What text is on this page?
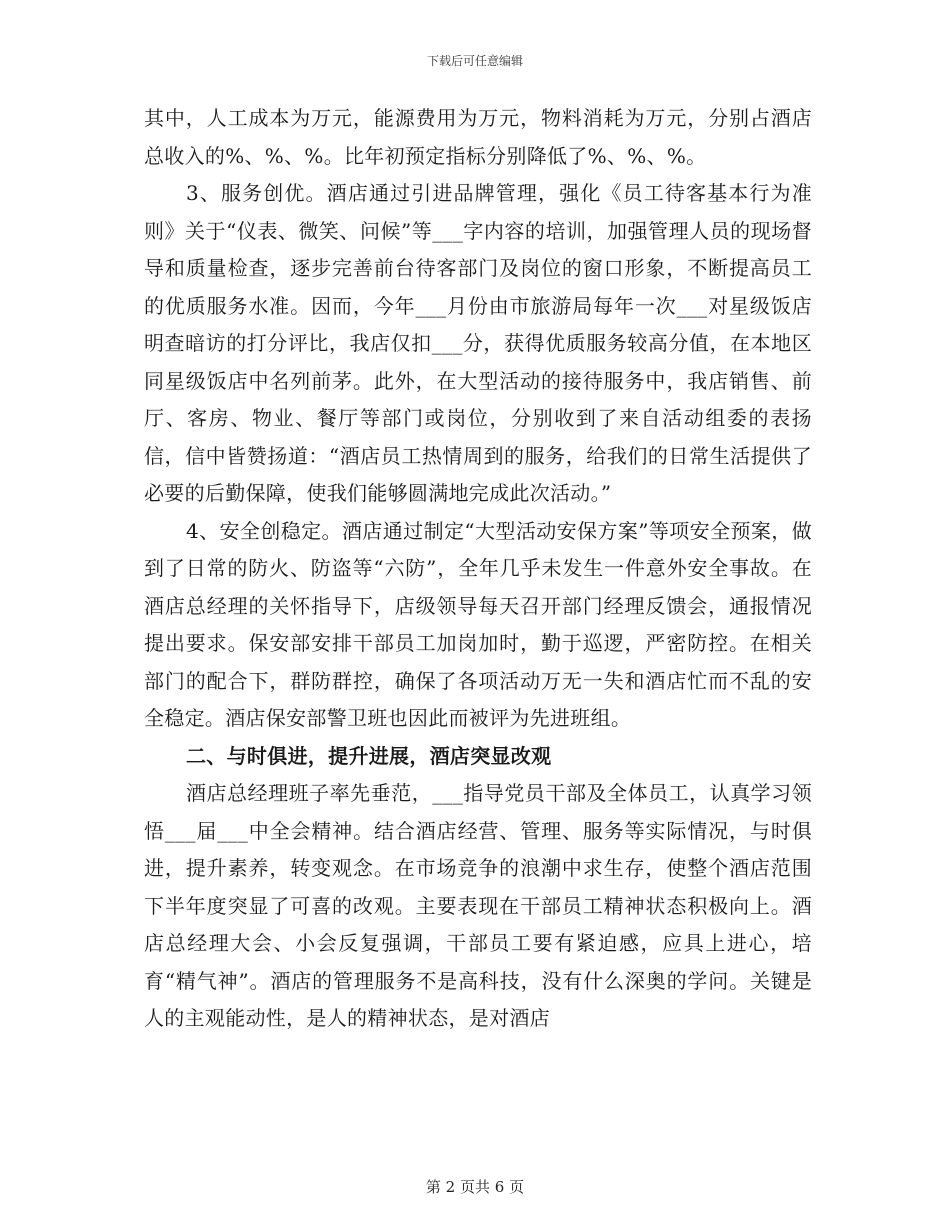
下载后可任意编辑

其中，人工成本为万元，能源费用为万元，物料消耗为万元，分别占酒店总收入的%、%、%。比年初预定指标分别降低了%、%、%。

3、服务创优。酒店通过引进品牌管理，强化《员工待客基本行为准则》关于“仪表、微笑、问候”等___字内容的培训，加强管理人员的现场督导和质量检查，逐步完善前台待客部门及岗位的窗口形象，不断提高员工的优质服务水准。因而，今年___月份由市旅游局每年一次___对星级饭店明查暗访的打分评比，我店仅扣___分，获得优质服务较高分值，在本地区同星级饭店中名列前茅。此外，在大型活动的接待服务中，我店销售、前厅、客房、物业、餐厅等部门或岗位，分别收到了来自活动组委的表扬信，信中皆赞扬道：“酒店员工热情周到的服务，给我们的日常生活提供了必要的后勤保障，使我们能够圆满地完成此次活动。”

4、安全创稳定。酒店通过制定“大型活动安保方案”等项安全预案，做到了日常的防火、防盗等“六防”，全年几乎未发生一件意外安全事故。在酒店总经理的关怀指导下，店级领导每天召开部门经理反馈会，通报情况提出要求。保安部安排干部员工加岗加时，勤于巡逻，严密防控。在相关部门的配合下，群防群控，确保了各项活动万无一失和酒店忙而不乱的安全稳定。酒店保安部警卫班也因此而被评为先进班组。

二、与时俱进，提升进展，酒店突显改观

酒店总经理班子率先垂范，___指导党员干部及全体员工，认真学习领悟___届___中全会精神。结合酒店经营、管理、服务等实际情况，与时俱进，提升素养，转变观念。在市场竞争的浪潮中求生存，使整个酒店范围下半年度突显了可喜的改观。主要表现在干部员工精神状态积极向上。酒店总经理大会、小会反复强调，干部员工要有紧迫感，应具上进心，培育“精气神”。酒店的管理服务不是高科技，没有什么深奥的学问。关键是人的主观能动性，是人的精神状态，是对酒店

第 2 页共 6 页
